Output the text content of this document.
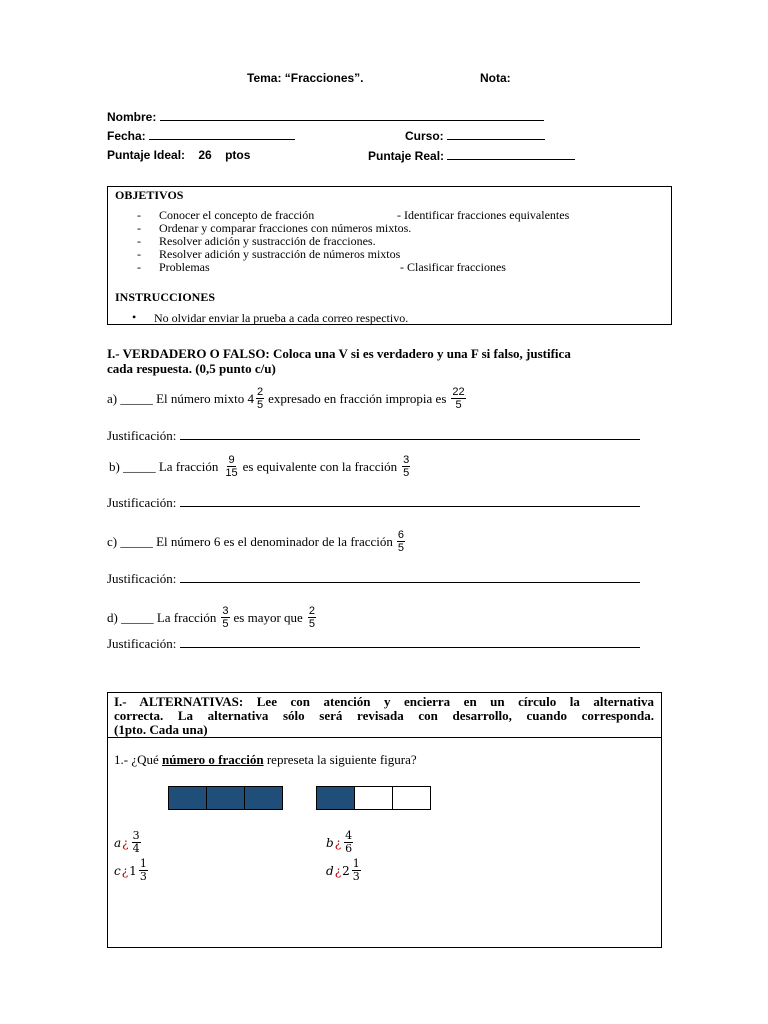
Tema: “Fracciones”.	Nota:
Nombre:
Fecha:	Curso:
Puntaje Ideal: 26 ptos	Puntaje Real:
OBJETIVOS
- Conocer el concepto de fracción	- Identificar fracciones equivalentes
- Ordenar y comparar fracciones con números mixtos.
- Resolver adición y sustracción de fracciones.
- Resolver adición y sustracción de números mixtos
- Problemas	- Clasificar fracciones
INSTRUCCIONES
• No olvidar enviar la prueba a cada correo respectivo.
I.- VERDADERO O FALSO: Coloca una V si es verdadero y una F si falso, justifica
cada respuesta. (0,5 punto c/u)
a) _____ El número mixto $4 \frac{2}{5}$ expresado en fracción impropia es $\frac{22}{5}$
Justificación:
b) _____ La fracción $\frac{9}{15}$ es equivalente con la fracción $\frac{3}{5}$
Justificación:
c) _____ El número 6 es el denominador de la fracción $\frac{6}{5}$
Justificación:
d) _____ La fracción $\frac{3}{5}$ es mayor que $\frac{2}{5}$
Justificación:
I.- ALTERNATIVAS: Lee con atención y encierra en un círculo la alternativa
correcta. La alternativa sólo será revisada con desarrollo, cuando corresponda.
(1pto. Cada una)
1.- ¿Qué número o fracción represeta la siguiente figura?
a ¿ $\frac{3}{4}$	b ¿ $\frac{4}{6}$
c ¿ $1 \frac{1}{3}$	d ¿ $2 \frac{1}{3}$
